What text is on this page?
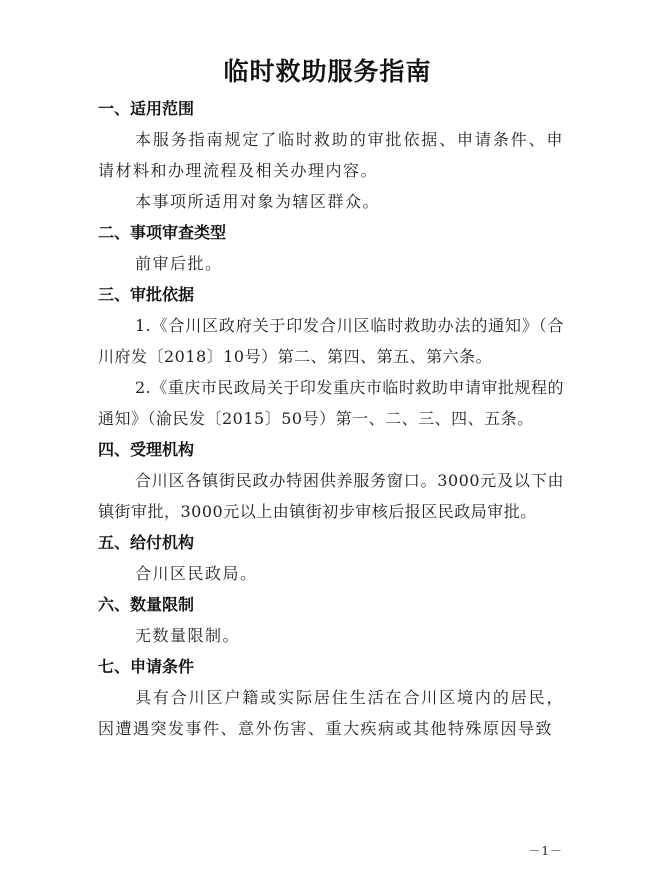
临时救助服务指南
一、适用范围

本服务指南规定了临时救助的审批依据、申请条件、申请材料和办理流程及相关办理内容。

本事项所适用对象为辖区群众。

二、事项审查类型

前审后批。

三、审批依据

1.《合川区政府关于印发合川区临时救助办法的通知》（合川府发〔2018〕10号）第二、第四、第五、第六条。

2.《重庆市民政局关于印发重庆市临时救助申请审批规程的通知》（渝民发〔2015〕50号）第一、二、三、四、五条。

四、受理机构

合川区各镇街民政办特困供养服务窗口。3000元及以下由镇街审批，3000元以上由镇街初步审核后报区民政局审批。

五、给付机构

合川区民政局。

六、数量限制

无数量限制。

七、申请条件

具有合川区户籍或实际居住生活在合川区境内的居民，因遭遇突发事件、意外伤害、重大疾病或其他特殊原因导致

－1－
